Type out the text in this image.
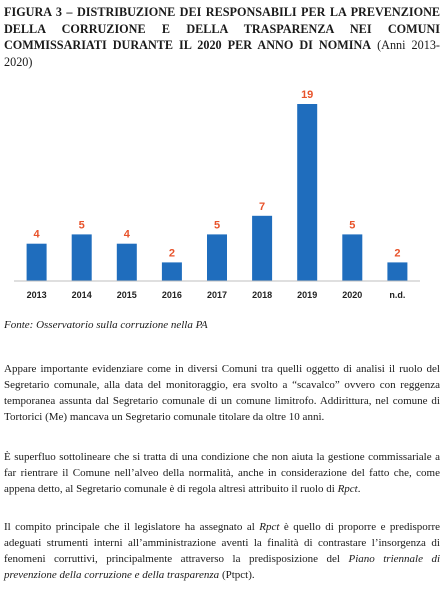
FIGURA 3 – DISTRIBUZIONE DEI RESPONSABILI PER LA PREVENZIONE DELLA CORRUZIONE E DELLA TRASPARENZA NEI COMUNI COMMISSARIATI DURANTE IL 2020 PER ANNO DI NOMINA (Anni 2013-2020)
4
5
4
2
5
7
19
5
2
2013	2014	2015	2016	2017	2018	2019	2020	n.d.
Fonte: Osservatorio sulla corruzione nella PA

Appare importante evidenziare come in diversi Comuni tra quelli oggetto di analisi il ruolo del Segretario comunale, alla data del monitoraggio, era svolto a “scavalco” ovvero con reggenza temporanea assunta dal Segretario comunale di un comune limitrofo. Addirittura, nel comune di Tortorici (Me) mancava un Segretario comunale titolare da oltre 10 anni.

È superfluo sottolineare che si tratta di una condizione che non aiuta la gestione commissariale a far rientrare il Comune nell’alveo della normalità, anche in considerazione del fatto che, come appena detto, al Segretario comunale è di regola altresì attribuito il ruolo di Rpct.

Il compito principale che il legislatore ha assegnato al Rpct è quello di proporre e predisporre adeguati strumenti interni all’amministrazione aventi la finalità di contrastare l’insorgenza di fenomeni corruttivi, principalmente attraverso la predisposizione del Piano triennale di prevenzione della corruzione e della trasparenza (Ptpct).
